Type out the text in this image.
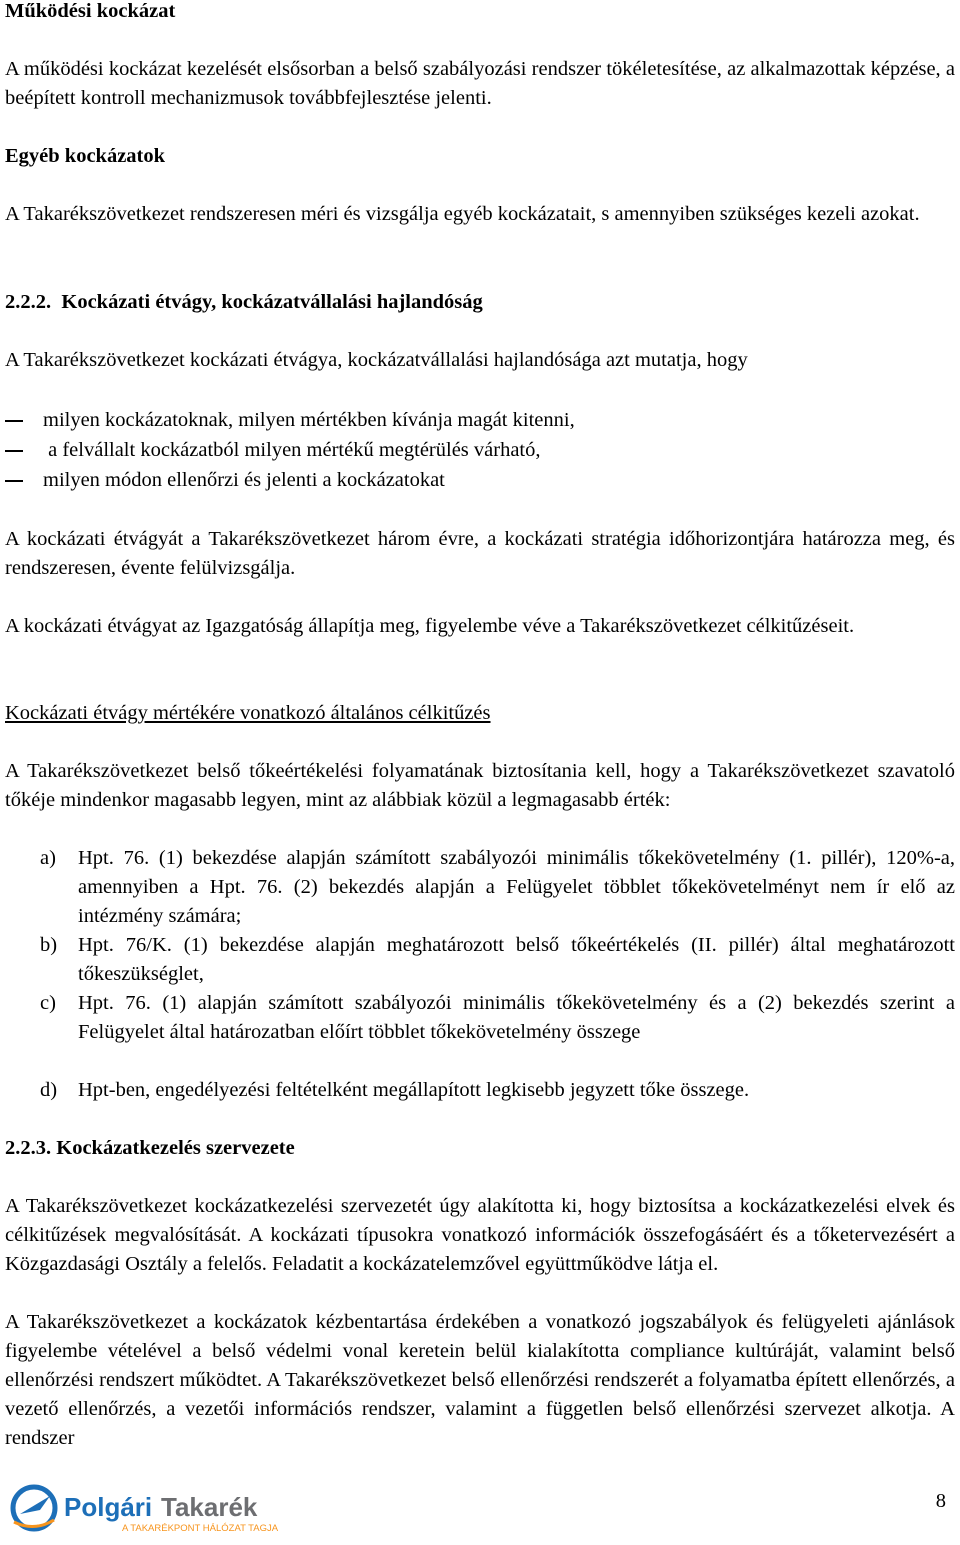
Működési kockázat

A működési kockázat kezelését elsősorban a belső szabályozási rendszer tökéletesítése, az alkalmazottak képzése, a beépített kontroll mechanizmusok továbbfejlesztése jelenti.

Egyéb kockázatok

A Takarékszövetkezet rendszeresen méri és vizsgálja egyéb kockázatait, s amennyiben szükséges kezeli azokat.

2.2.2. Kockázati étvágy, kockázatvállalási hajlandóság

A Takarékszövetkezet kockázati étvágya, kockázatvállalási hajlandósága azt mutatja, hogy

milyen kockázatoknak, milyen mértékben kívánja magát kitenni,
a felvállalt kockázatból milyen mértékű megtérülés várható,
milyen módon ellenőrzi és jelenti a kockázatokat

A kockázati étvágyát a Takarékszövetkezet három évre, a kockázati stratégia időhorizontjára határozza meg, és rendszeresen, évente felülvizsgálja.

A kockázati étvágyat az Igazgatóság állapítja meg, figyelembe véve a Takarékszövetkezet célkitűzéseit.

Kockázati étvágy mértékére vonatkozó általános célkitűzés

A Takarékszövetkezet belső tőkeértékelési folyamatának biztosítania kell, hogy a Takarékszövetkezet szavatoló tőkéje mindenkor magasabb legyen, mint az alábbiak közül a legmagasabb érték:

a) Hpt. 76. (1) bekezdése alapján számított szabályozói minimális tőkekövetelmény (1. pillér), 120%-a, amennyiben a Hpt. 76. (2) bekezdés alapján a Felügyelet többlet tőkekövetelményt nem ír elő az intézmény számára;
b) Hpt. 76/K. (1) bekezdése alapján meghatározott belső tőkeértékelés (II. pillér) által meghatározott tőkeszükséglet,
c) Hpt. 76. (1) alapján számított szabályozói minimális tőkekövetelmény és a (2) bekezdés szerint a Felügyelet által határozatban előírt többlet tőkekövetelmény összege
d) Hpt-ben, engedélyezési feltételként megállapított legkisebb jegyzett tőke összege.

2.2.3. Kockázatkezelés szervezete

A Takarékszövetkezet kockázatkezelési szervezetét úgy alakította ki, hogy biztosítsa a kockázatkezelési elvek és célkitűzések megvalósítását. A kockázati típusokra vonatkozó információk összefogásáért és a tőketervezésért a Közgazdasági Osztály a felelős. Feladatit a kockázatelemzővel együttműködve látja el.

A Takarékszövetkezet a kockázatok kézbentartása érdekében a vonatkozó jogszabályok és felügyeleti ajánlások figyelembe vételével a belső védelmi vonal keretein belül kialakította compliance kultúráját, valamint belső ellenőrzési rendszert működtet. A Takarékszövetkezet belső ellenőrzési rendszerét a folyamatba épített ellenőrzés, a vezető ellenőrzés, a vezetői információs rendszer, valamint a független belső ellenőrzési szervezet alkotja. A rendszer

Polgári Takarék
A TAKARÉKPONT HÁLÓZAT TAGJA
8
